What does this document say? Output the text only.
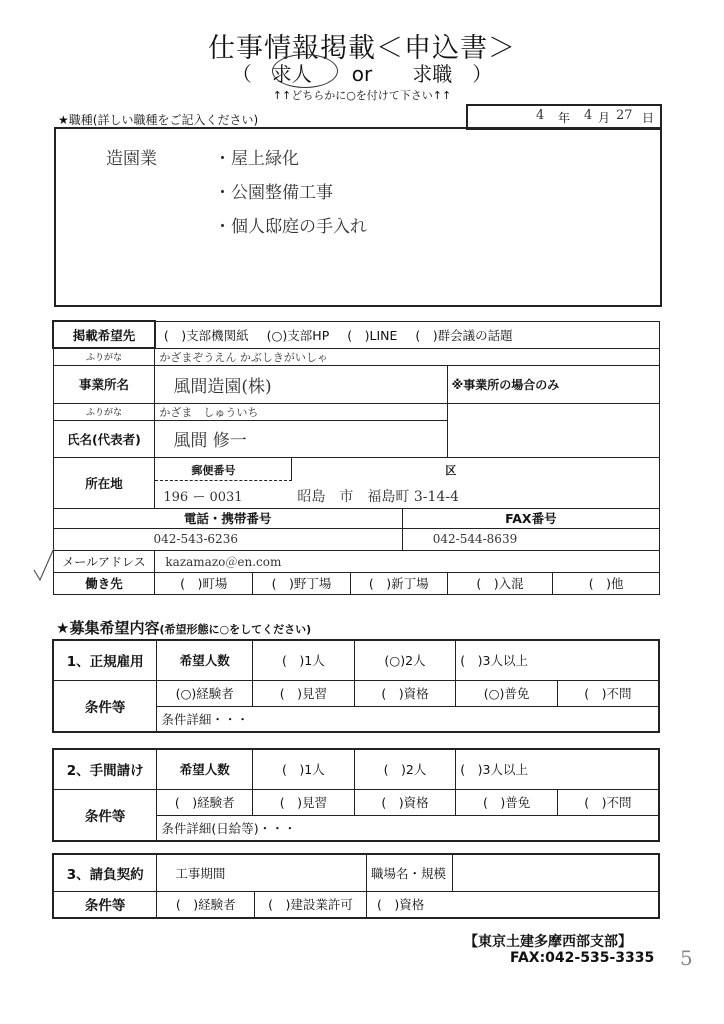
仕事情報掲載＜申込書＞
（　求人　　or　　求職　）
↑↑どちらかに○を付けて下さい↑↑
★職種(詳しい職種をご記入ください)	4 年 4 月 27 日
造園業	・屋上緑化
・公園整備工事
・個人邸庭の手入れ
掲載希望先	(　)支部機関紙 (○)支部HP (　)LINE (　)群会議の話題					
ふりがな	かざまぞうえん かぶしきがいしゃ					
事業所名	風間造園(株)				※事業所の場合のみ	
ふりがな	かざま　しゅういち					
氏名(代表者)	風間 修一					
所在地	郵便番号 区
196 ー 0031 昭島　市　福島町 3-14-4					

電話・携帯番号				FAX番号		
042-543-6236				042-544-8639		
メールアドレス	kazamazo＠en.com					
働き先	(　)町場	(　)野丁場	(　)新丁場		(　)入混	(　)他
★募集希望内容(希望形態に○をしてください)
1、正規雇用	希望人数	(　)1人	(○)2人	(　)3人以上	
条件等	(○)経験者	(　)見習	(　)資格	(○)普免	(　)不問
	条件詳細・・・				
2、手間請け	希望人数	(　)1人	(　)2人	(　)3人以上	
条件等	(　)経験者	(　)見習	(　)資格	(　)普免	(　)不問
	条件詳細(日給等)・・・				
3、請負契約	工事期間		職場名・規模	
条件等	(　)経験者	(　)建設業許可	(　)資格	
【東京土建多摩西部支部】
FAX:042-535-3335 5
